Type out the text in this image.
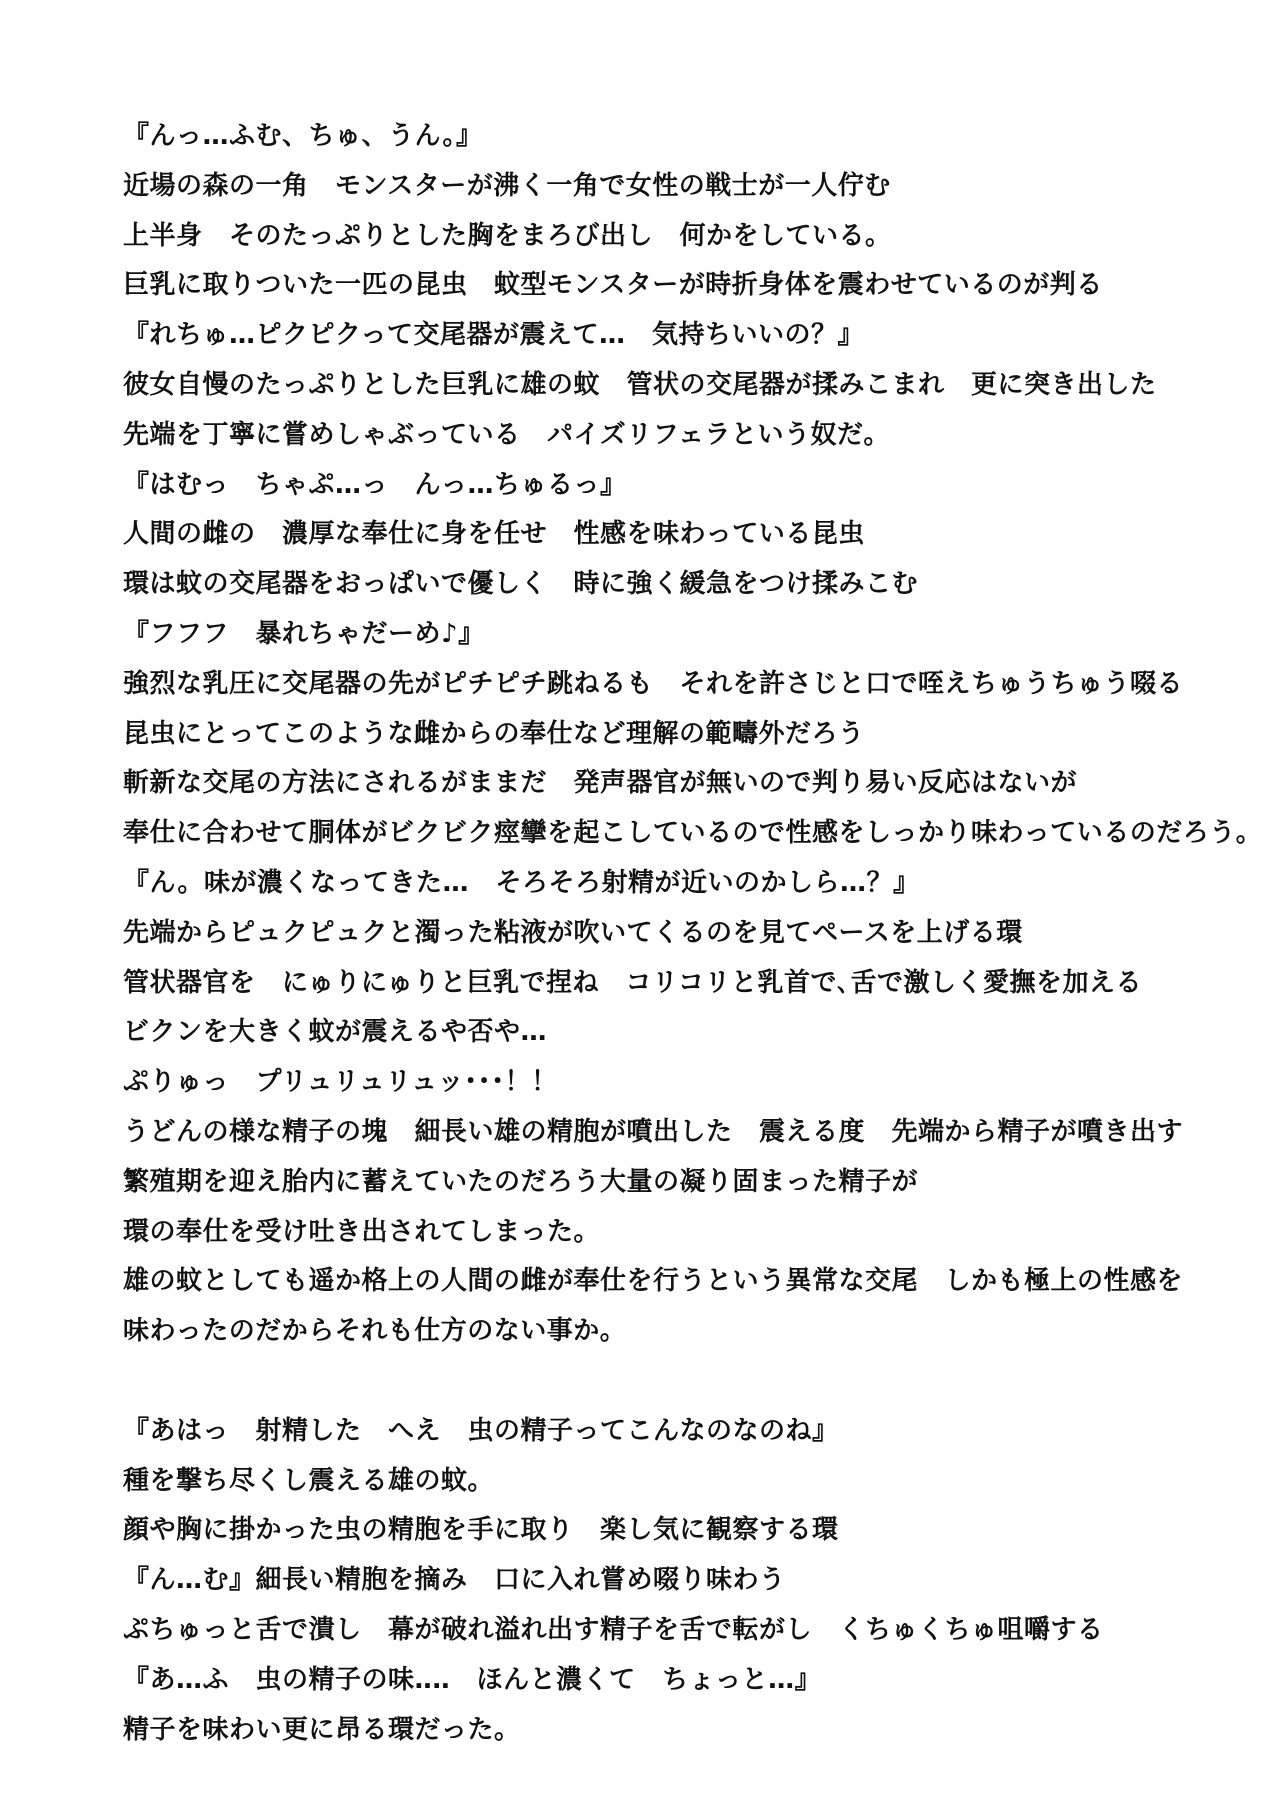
『んっ…ふむ、ちゅ、うん。』
近場の森の一角　モンスターが沸く一角で女性の戦士が一人佇む
上半身　そのたっぷりとした胸をまろび出し　何かをしている。
巨乳に取りついた一匹の昆虫　蚊型モンスターが時折身体を震わせているのが判る
『れちゅ…ピクピクって交尾器が震えて…　気持ちいいの？』
彼女自慢のたっぷりとした巨乳に雄の蚊　管状の交尾器が揉みこまれ　更に突き出した
先端を丁寧に嘗めしゃぶっている　パイズリフェラという奴だ。
『はむっ　ちゃぷ…っ　んっ…ちゅるっ』
人間の雌の　濃厚な奉仕に身を任せ　性感を味わっている昆虫
環は蚊の交尾器をおっぱいで優しく　時に強く緩急をつけ揉みこむ
『フフフ　暴れちゃだーめ♪』
強烈な乳圧に交尾器の先がピチピチ跳ねるも　それを許さじと口で咥えちゅうちゅう啜る
昆虫にとってこのような雌からの奉仕など理解の範疇外だろう
斬新な交尾の方法にされるがままだ　発声器官が無いので判り易い反応はないが
奉仕に合わせて胴体がビクビク痙攣を起こしているので性感をしっかり味わっているのだろう。
『ん。味が濃くなってきた…　そろそろ射精が近いのかしら…？』
先端からピュクピュクと濁った粘液が吹いてくるのを見てペースを上げる環
管状器官を　にゅりにゅりと巨乳で捏ね　コリコリと乳首で､舌で激しく愛撫を加える
ビクンを大きく蚊が震えるや否や…
ぷりゅっ　プリュリュリュッ･･･！！
うどんの様な精子の塊　細長い雄の精胞が噴出した　震える度　先端から精子が噴き出す
繁殖期を迎え胎内に蓄えていたのだろう大量の凝り固まった精子が
環の奉仕を受け吐き出されてしまった。
雄の蚊としても遥か格上の人間の雌が奉仕を行うという異常な交尾　しかも極上の性感を
味わったのだからそれも仕方のない事か。
『あはっ　射精した　へえ　虫の精子ってこんなのなのね』
種を撃ち尽くし震える雄の蚊。
顔や胸に掛かった虫の精胞を手に取り　楽し気に観察する環
『ん…む』細長い精胞を摘み　口に入れ嘗め啜り味わう
ぷちゅっと舌で潰し　幕が破れ溢れ出す精子を舌で転がし　くちゅくちゅ咀嚼する
『あ…ふ　虫の精子の味‥‥　ほんと濃くて　ちょっと…』
精子を味わい更に昂る環だった。
